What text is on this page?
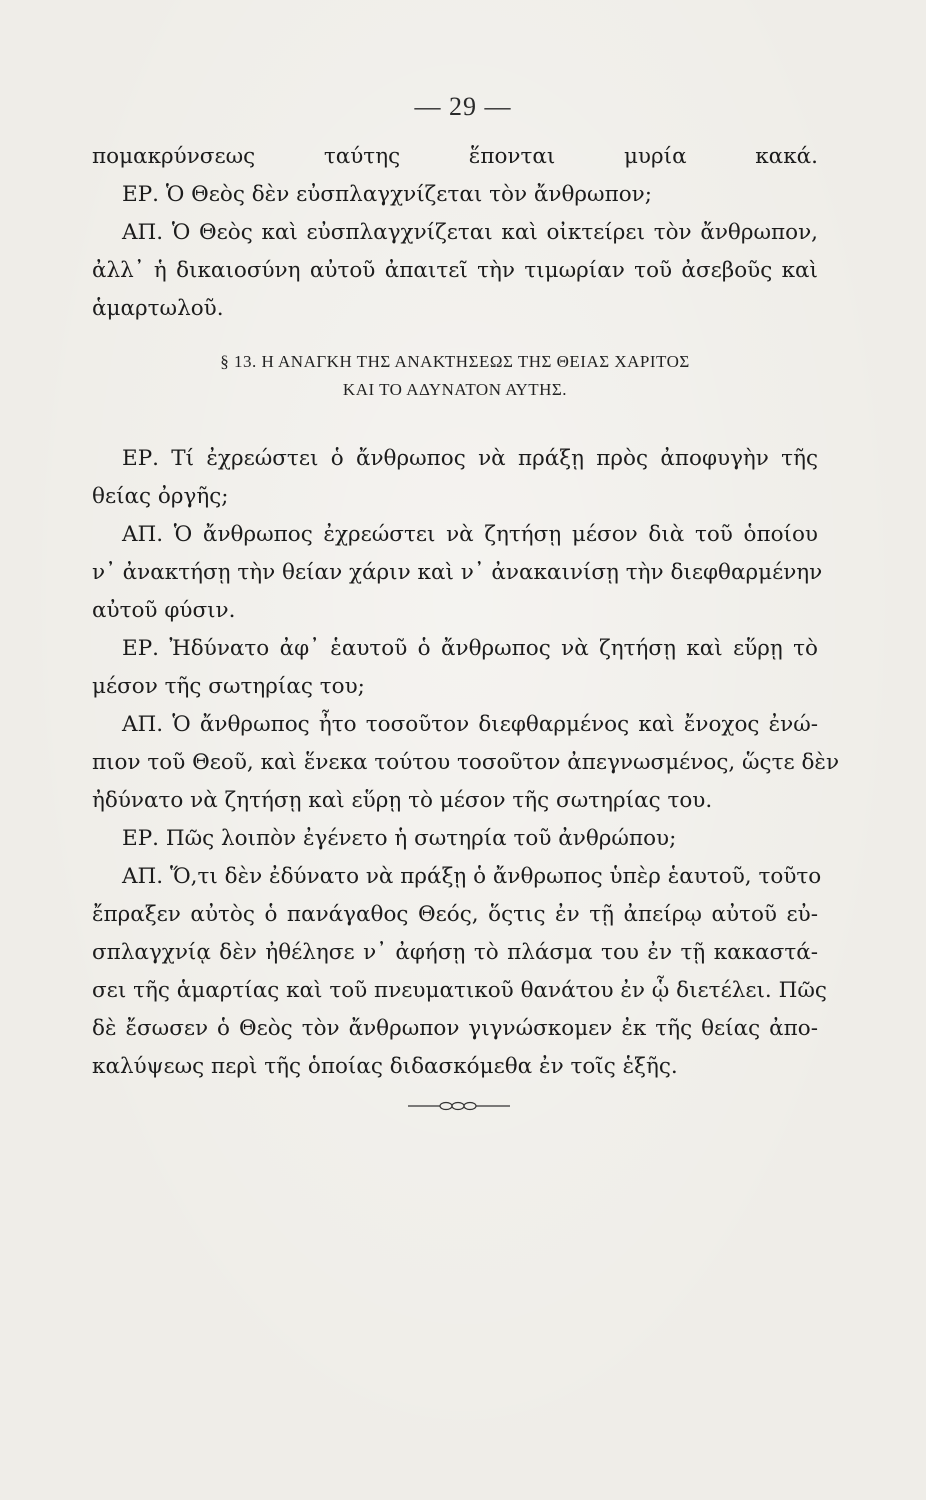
— 29 —
πομακρύνσεως ταύτης ἕπονται μυρία κακά.
ΕΡ. Ὁ Θεὸς δὲν εὐσπλαγχνίζεται τὸν ἄνθρωπον;
ΑΠ. Ὁ Θεὸς καὶ εὐσπλαγχνίζεται καὶ οἰκτείρει τὸν ἄνθρωπον,
ἀλλ᾽ ἡ δικαιοσύνη αὐτοῦ ἀπαιτεῖ τὴν τιμωρίαν τοῦ ἀσεβοῦς καὶ
ἁμαρτωλοῦ.
§ 13. Η ΑΝΑΓΚΗ ΤΗΣ ΑΝΑΚΤΗΣΕΩΣ ΤΗΣ ΘΕΙΑΣ ΧΑΡΙΤΟΣ
ΚΑΙ ΤΟ ΑΔΥΝΑΤΟΝ ΑΥΤΗΣ.
ΕΡ. Τί ἐχρεώστει ὁ ἄνθρωπος νὰ πράξῃ πρὸς ἀποφυγὴν τῆς
θείας ὀργῆς;
ΑΠ. Ὁ ἄνθρωπος ἐχρεώστει νὰ ζητήσῃ μέσον διὰ τοῦ ὁποίου
ν᾽ ἀνακτήσῃ τὴν θείαν χάριν καὶ ν᾽ ἀνακαινίσῃ τὴν διεφθαρμένην
αὐτοῦ φύσιν.
ΕΡ. Ἠδύνατο ἀφ᾽ ἑαυτοῦ ὁ ἄνθρωπος νὰ ζητήσῃ καὶ εὕρῃ τὸ
μέσον τῆς σωτηρίας του;
ΑΠ. Ὁ ἄνθρωπος ἦτο τοσοῦτον διεφθαρμένος καὶ ἔνοχος ἐνώ-
πιον τοῦ Θεοῦ, καὶ ἕνεκα τούτου τοσοῦτον ἀπεγνωσμένος, ὥςτε δὲν
ἠδύνατο νὰ ζητήσῃ καὶ εὕρῃ τὸ μέσον τῆς σωτηρίας του.
ΕΡ. Πῶς λοιπὸν ἐγένετο ἡ σωτηρία τοῦ ἀνθρώπου;
ΑΠ. Ὅ,τι δὲν ἐδύνατο νὰ πράξῃ ὁ ἄνθρωπος ὑπὲρ ἑαυτοῦ, τοῦτο
ἔπραξεν αὐτὸς ὁ πανάγαθος Θεός, ὅςτις ἐν τῇ ἀπείρῳ αὐτοῦ εὐ-
σπλαγχνίᾳ δὲν ἠθέλησε ν᾽ ἀφήσῃ τὸ πλάσμα του ἐν τῇ κακαστά-
σει τῆς ἁμαρτίας καὶ τοῦ πνευματικοῦ θανάτου ἐν ᾧ διετέλει. Πῶς
δὲ ἔσωσεν ὁ Θεὸς τὸν ἄνθρωπον γιγνώσκομεν ἐκ τῆς θείας ἀπο-
καλύψεως περὶ τῆς ὁποίας διδασκόμεθα ἐν τοῖς ἑξῆς.
